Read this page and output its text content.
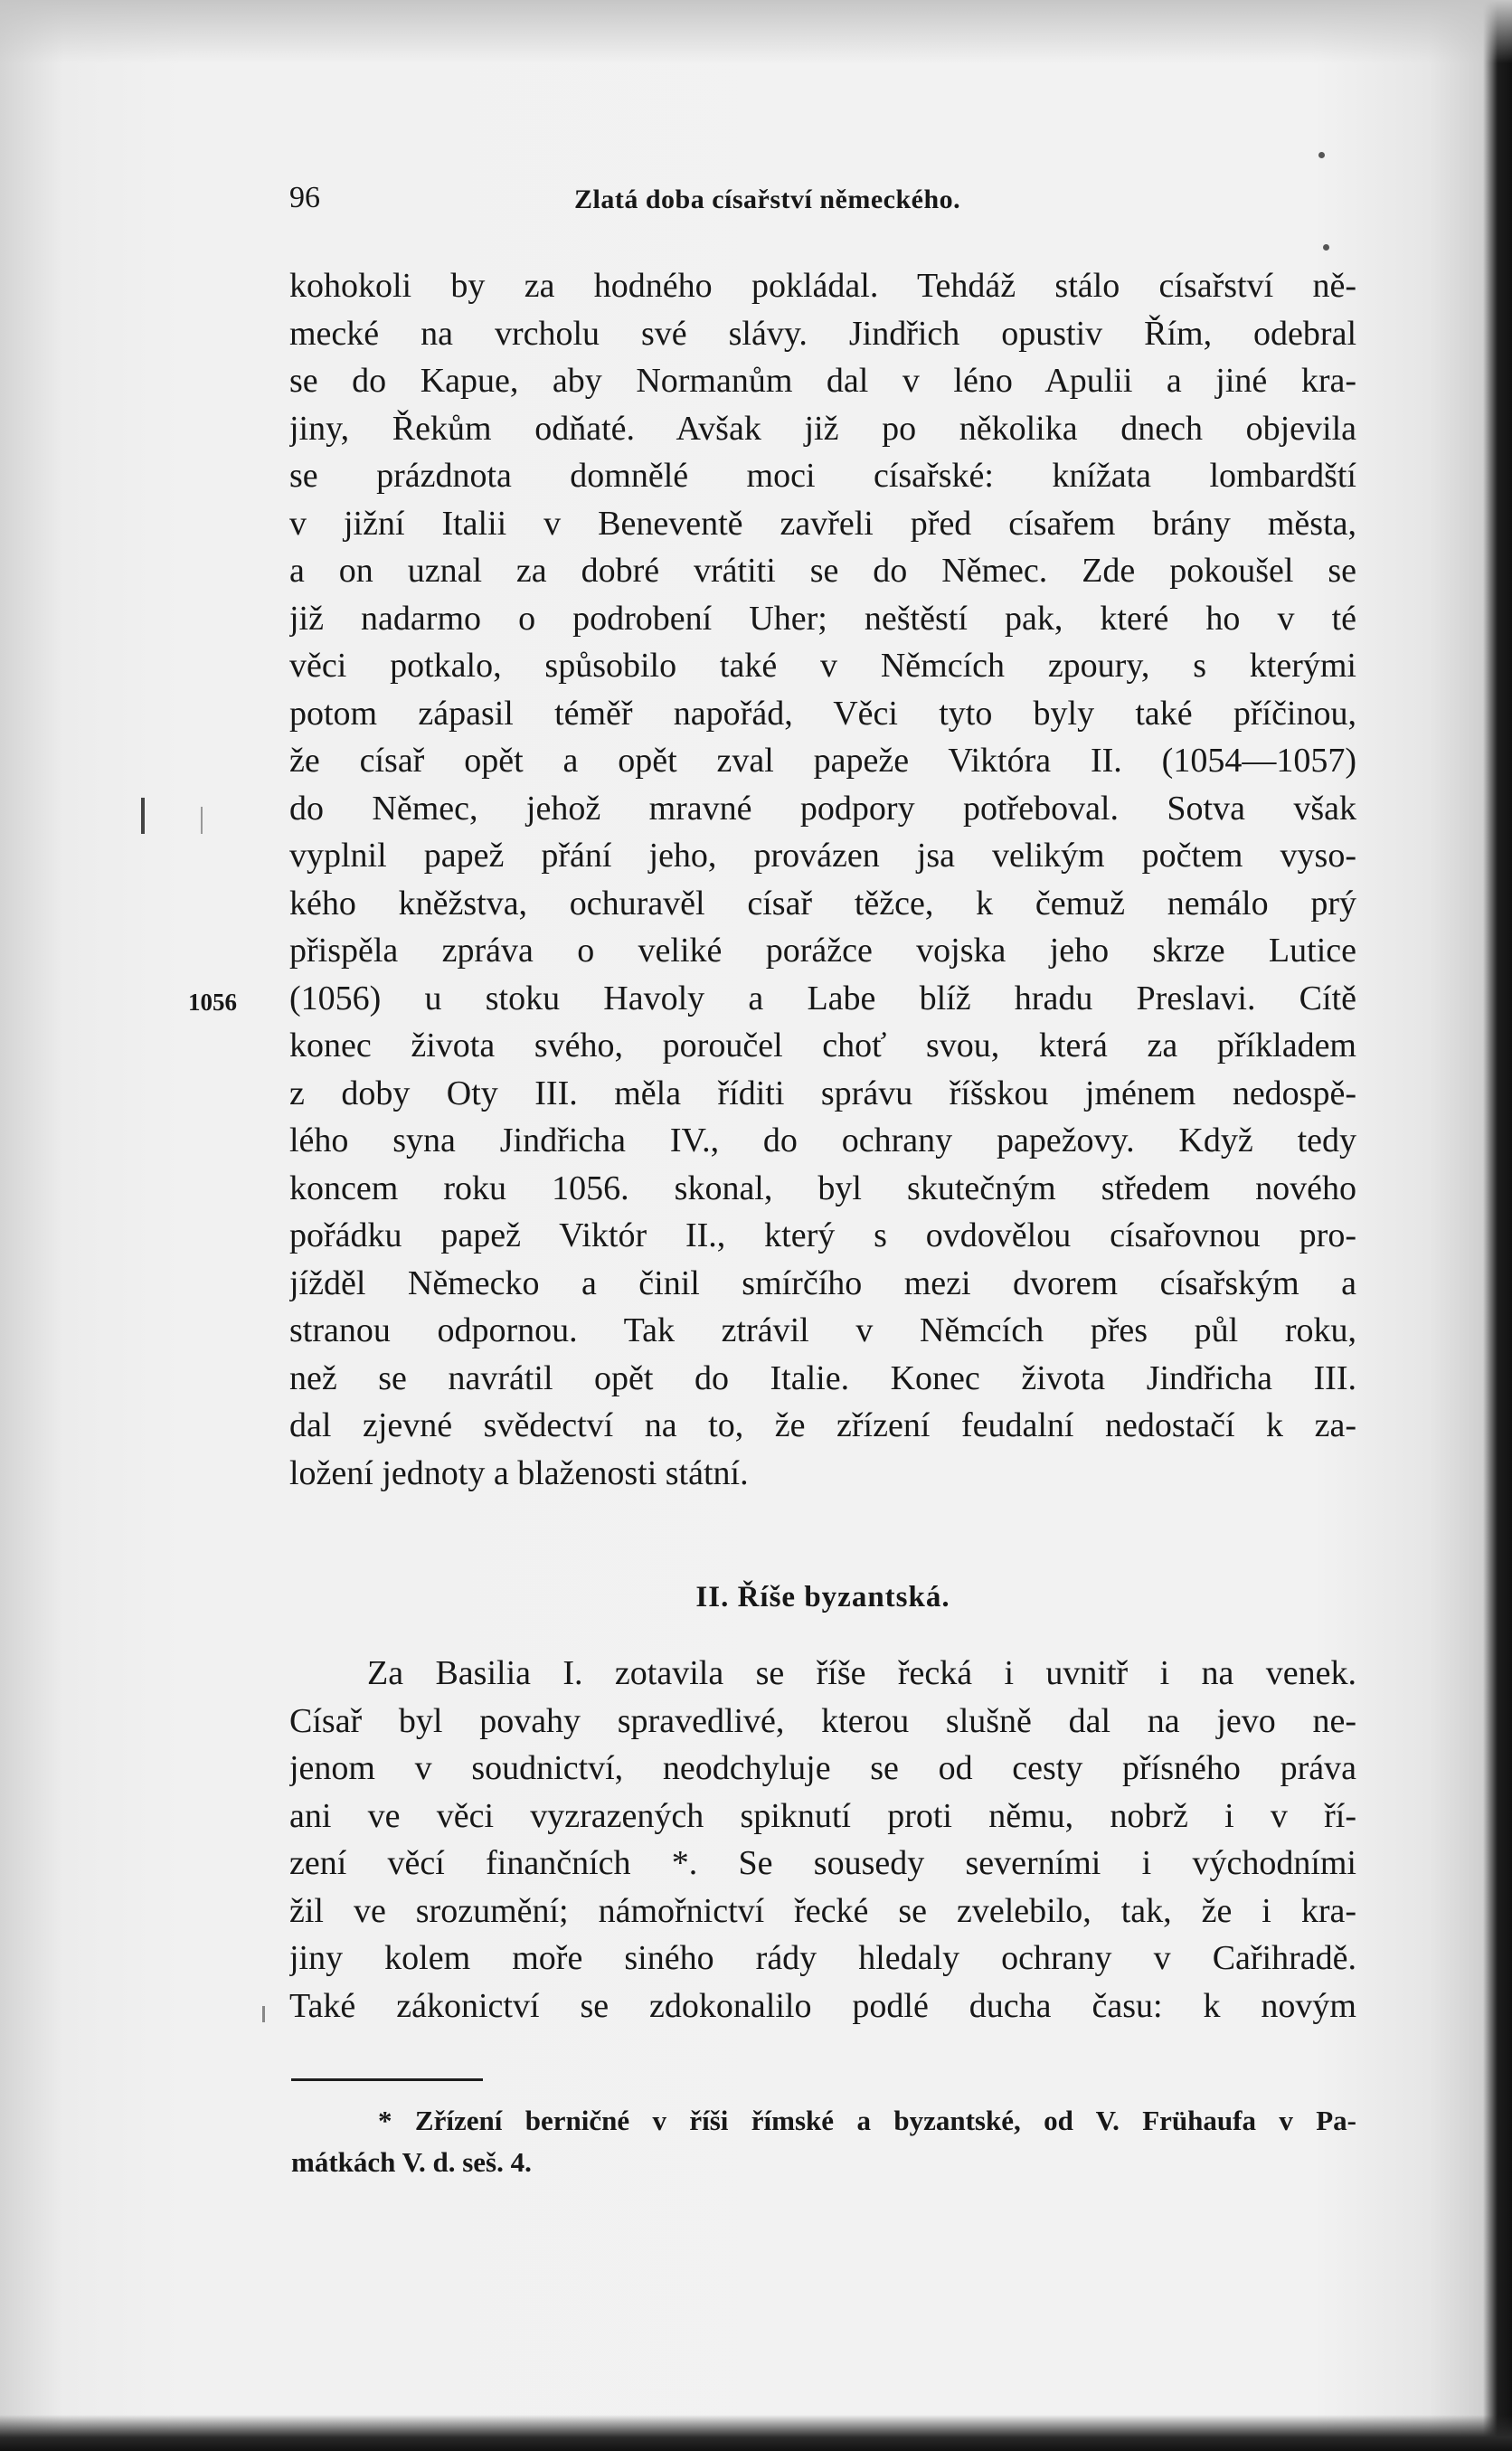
96	Zlatá doba císařství německého.
kohokoli by za hodného pokládal. Tehdáž stálo císařství ně-
mecké na vrcholu své slávy. Jindřich opustiv Řím, odebral
se do Kapue, aby Normanům dal v léno Apulii a jiné kra-
jiny, Řekům odňaté. Avšak již po několika dnech objevila
se prázdnota domnělé moci císařské: knížata lombardští
v jižní Italii v Beneventě zavřeli před císařem brány města,
a on uznal za dobré vrátiti se do Němec. Zde pokoušel se
již nadarmo o podrobení Uher; neštěstí pak, které ho v té
věci potkalo, spůsobilo také v Němcích zpoury, s kterými
potom zápasil téměř napořád, Věci tyto byly také příčinou,
že císař opět a opět zval papeže Viktóra II. (1054—1057)
do Němec, jehož mravné podpory potřeboval. Sotva však
vyplnil papež přání jeho, provázen jsa velikým počtem vyso-
kého kněžstva, ochuravěl císař těžce, k čemuž nemálo prý
přispěla zpráva o veliké porážce vojska jeho skrze Lutice
(1056) u stoku Havoly a Labe blíž hradu Preslavi. Cítě
konec života svého, poroučel choť svou, která za příkladem
z doby Oty III. měla říditi správu říšskou jménem nedospě-
lého syna Jindřicha IV., do ochrany papežovy. Když tedy
koncem roku 1056. skonal, byl skutečným středem nového
pořádku papež Viktór II., který s ovdovělou císařovnou pro-
jížděl Německo a činil smírčího mezi dvorem císařským a
stranou odpornou. Tak ztrávil v Němcích přes půl roku,
než se navrátil opět do Italie. Konec života Jindřicha III.
dal zjevné svědectví na to, že zřízení feudalní nedostačí k za-
ložení jednoty a blaženosti státní.
1056
II. Říše byzantská.
Za Basilia I. zotavila se říše řecká i uvnitř i na venek.
Císař byl povahy spravedlivé, kterou slušně dal na jevo ne-
jenom v soudnictví, neodchyluje se od cesty přísného práva
ani ve věci vyzrazených spiknutí proti němu, nobrž i v ří-
zení věcí finančních *. Se sousedy severními i východními
žil ve srozumění; námořnictví řecké se zvelebilo, tak, že i kra-
jiny kolem moře siného rády hledaly ochrany v Cařihradě.
Také zákonictví se zdokonalilo podlé ducha času: k novým
* Zřízení berničné v říši římské a byzantské, od V. Frühaufa v Pa-
mátkách V. d. seš. 4.
